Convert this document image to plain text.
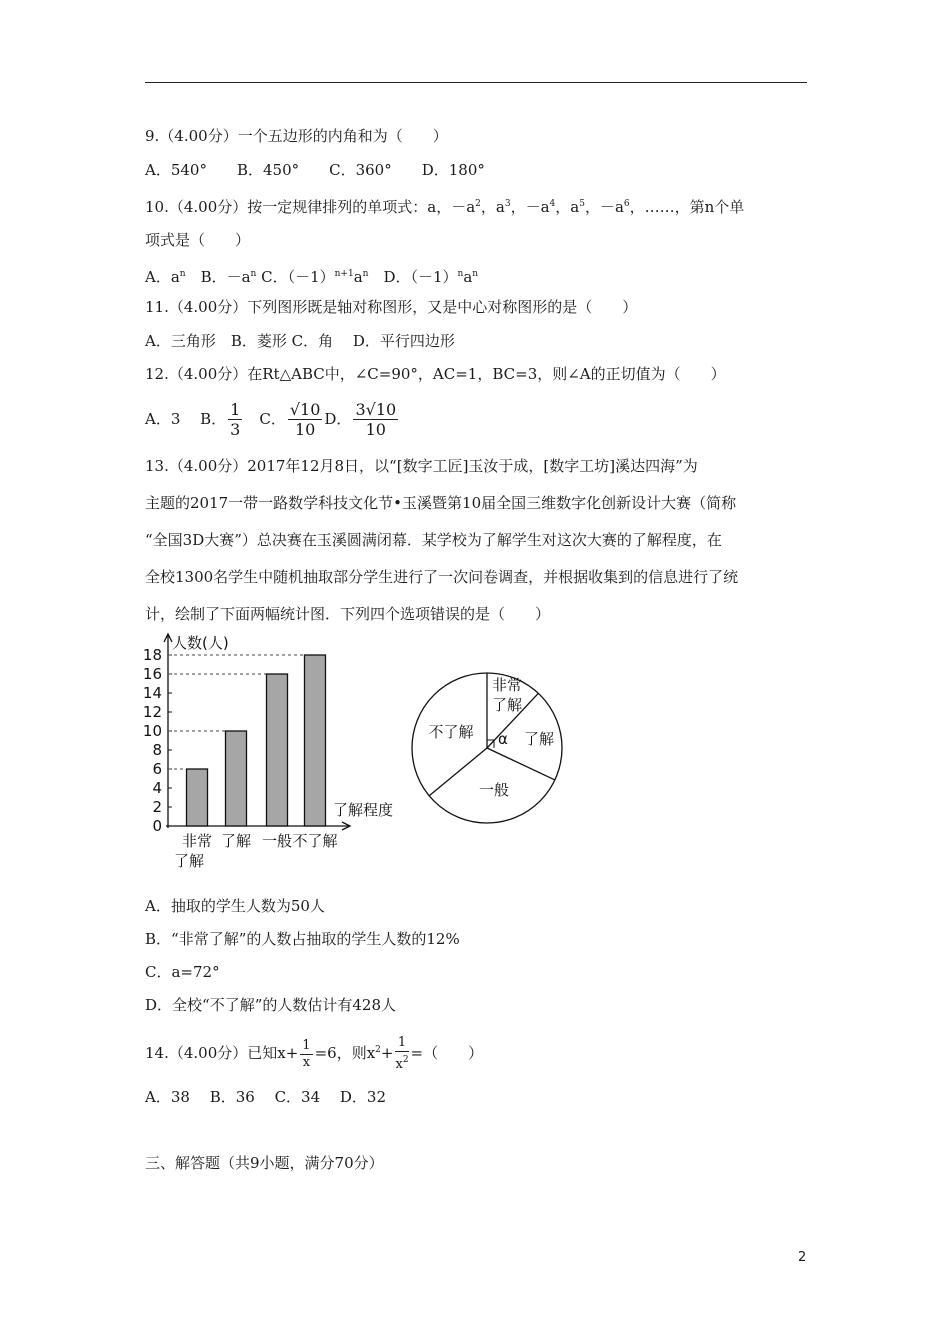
9.（4.00分）一个五边形的内角和为（　　）
A．540°　　B．450°　　C．360°　　D．180°
10.（4.00分）按一定规律排列的单项式：a，$-a^2$，$a^3$，$-a^4$，$a^5$，$-a^6$，……，第n个单
项式是（　　）
A．$a^n$　B．$-a^n$ C．$(-1)^{n+1}a^n$　D．$(-1)^na^n$
11.（4.00分）下列图形既是轴对称图形，又是中心对称图形的是（　　）
A．三角形　B．菱形 C．角　 D．平行四边形
12.（4.00分）在Rt△ABC中，∠C=90°，AC=1，BC=3，则∠A的正切值为（　　）
A．3　 B． $\frac{1}{3}$ 　C． $\frac{√10}{10}$ D． $\frac{3√10}{10}$
13.（4.00分）2017年12月8日，以“[数字工匠]玉汝于成，[数字工坊]溪达四海”为
主题的2017一带一路数学科技文化节•玉溪暨第10届全国三维数字化创新设计大赛（简称
“全国3D大赛”）总决赛在玉溪圆满闭幕．某学校为了解学生对这次大赛的了解程度，在
全校1300名学生中随机抽取部分学生进行了一次问卷调查，并根据收集到的信息进行了统
计，绘制了下面两幅统计图．下列四个选项错误的是（　　）
人数(人)
了解程度
0
2
4
6
8
10
12
14
16
18
非常
了解
了解 一般 不了解
非常
了解
了解
一般
不了解 α
A．抽取的学生人数为50人
B．“非常了解”的人数占抽取的学生人数的12%
C．a=72°
D．全校“不了解”的人数估计有428人
14.（4.00分）已知$x+ \frac{1}{x} =6$，则$x^2+ \frac{1}{x^2}$ =（　　）
A．38　 B．36　 C．34　 D．32
三、解答题（共9小题，满分70分）
2
